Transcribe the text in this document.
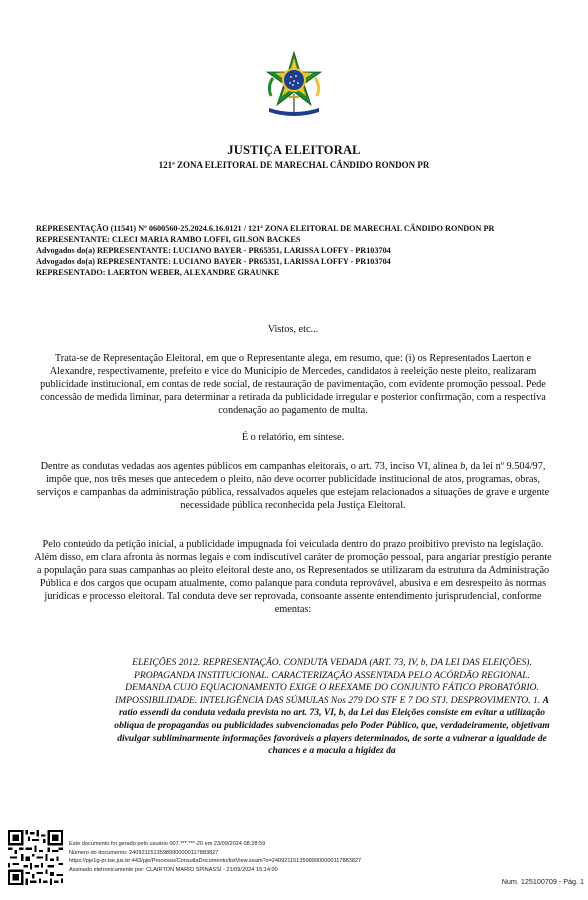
JUSTIÇA ELEITORAL
121ª ZONA ELEITORAL DE MARECHAL CÂNDIDO RONDON PR
REPRESENTAÇÃO (11541) Nº 0600560-25.2024.6.16.0121 / 121ª ZONA ELEITORAL DE MARECHAL CÂNDIDO RONDON PR
REPRESENTANTE: CLECI MARIA RAMBO LOFFI, GILSON BACKES
Advogados do(a) REPRESENTANTE: LUCIANO BAYER - PR65351, LARISSA LOFFY - PR103704
Advogados do(a) REPRESENTANTE: LUCIANO BAYER - PR65351, LARISSA LOFFY - PR103704
REPRESENTADO: LAERTON WEBER, ALEXANDRE GRAUNKE
Vistos, etc...
Trata-se de Representação Eleitoral, em que o Representante alega, em resumo, que: (i) os Representados Laerton e Alexandre, respectivamente, prefeito e vice do Município de Mercedes, candidatos à reeleição neste pleito, realizaram publicidade institucional, em contas de rede social, de restauração de pavimentação, com evidente promoção pessoal. Pede concessão de medida liminar, para determinar a retirada da publicidade irregular e posterior confirmação, com a respectiva condenação ao pagamento de multa.
É o relatório, em síntese.
Dentre as condutas vedadas aos agentes públicos em campanhas eleitorais, o art. 73, inciso VI, alínea b, da lei nº 9.504/97, impõe que, nos três meses que antecedem o pleito, não deve ocorrer publicidade institucional de atos, programas, obras, serviços e campanhas da administração pública, ressalvados aqueles que estejam relacionados a situações de grave e urgente necessidade pública reconhecida pela Justiça Eleitoral.
Pelo conteúdo da petição inicial, a publicidade impugnada foi veiculada dentro do prazo proibitivo previsto na legislação. Além disso, em clara afronta às normas legais e com indiscutível caráter de promoção pessoal, para angariar prestígio perante a população para suas campanhas ao pleito eleitoral deste ano, os Representados se utilizaram da estrutura da Administração Pública e dos cargos que ocupam atualmente, como palanque para conduta reprovável, abusiva e em desrespeito às normas jurídicas e processo eleitoral. Tal conduta deve ser reprovada, consoante assente entendimento jurisprudencial, conforme ementas:
ELEIÇÕES 2012. REPRESENTAÇÃO. CONDUTA VEDADA (ART. 73, IV, b, DA LEI DAS ELEIÇÕES). PROPAGANDA INSTITUCIONAL. CARACTERIZAÇÃO ASSENTADA PELO ACÓRDÃO REGIONAL. DEMANDA CUJO EQUACIONAMENTO EXIGE O REEXAME DO CONJUNTO FÁTICO PROBATÓRIO. IMPOSSIBILIDADE. INTELIGÊNCIA DAS SÚMULAS Nos 279 DO STF E 7 DO STJ. DESPROVIMENTO. 1. A ratio essendi da conduta vedada prevista no art. 73, VI, b, da Lei das Eleições consiste em evitar a utilização oblíqua de propagandas ou publicidades subvencionadas pelo Poder Público, que, verdadeiramente, objetivam divulgar subliminarmente informações favoráveis a players determinados, de sorte a vulnerar a igualdade de chances e a macula a higidez da
Este documento foi gerado pelo usuário 007.***.***-20 em 23/09/2024 08:28:59
Número do documento: 24092115135989900000117883827
https://pje1g-pr.tse.jus.br:443/pje/Processo/ConsultaDocumento/listView.seam?x=24092115135989900000117883827
Assinado eletronicamente por: CLAIRTON MARIO SPINASSI - 21/09/2024 15:14:00
Num. 125100709 - Pág. 1
